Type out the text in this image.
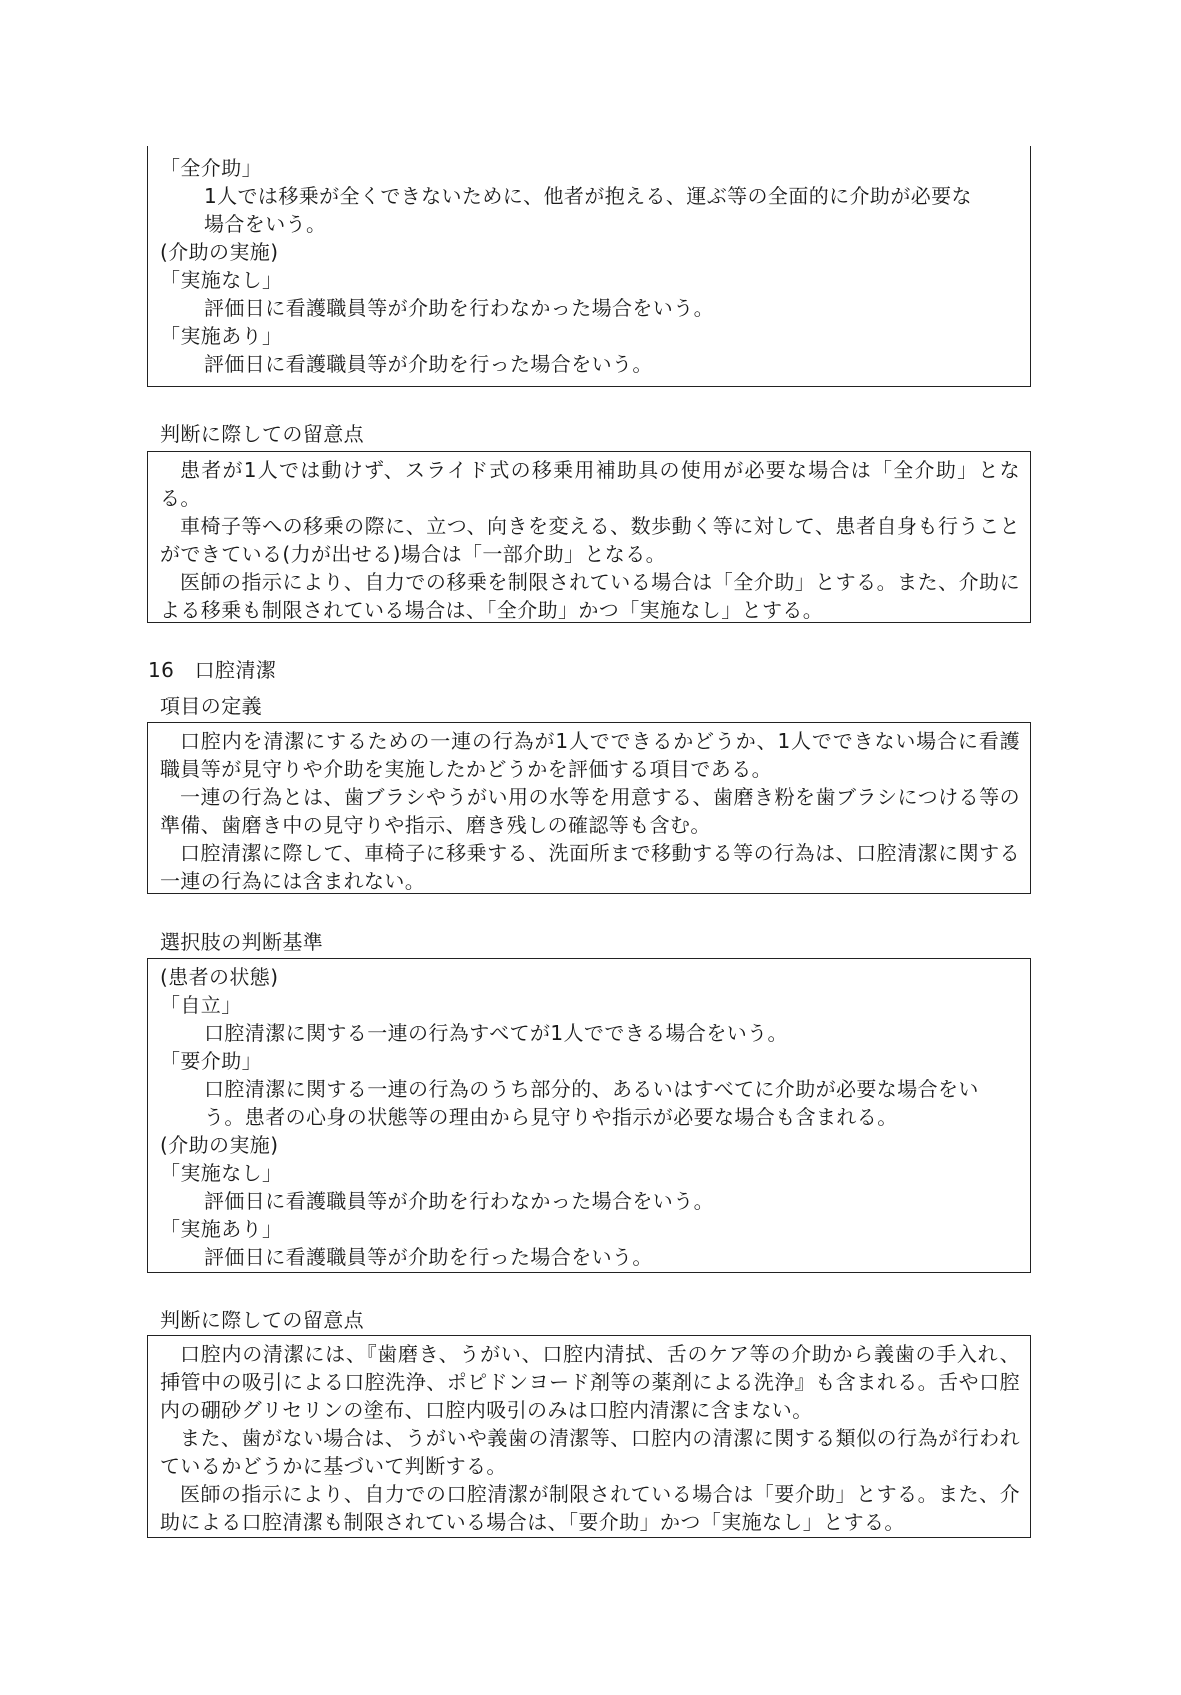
「全介助」
1人では移乗が全くできないために、他者が抱える、運ぶ等の全面的に介助が必要な
場合をいう。
(介助の実施)
「実施なし」
評価日に看護職員等が介助を行わなかった場合をいう。
「実施あり」
評価日に看護職員等が介助を行った場合をいう。
判断に際しての留意点
患者が1人では動けず、スライド式の移乗用補助具の使用が必要な場合は「全介助」となる。
車椅子等への移乗の際に、立つ、向きを変える、数歩動く等に対して、患者自身も行うことができている(力が出せる)場合は「一部介助」となる。
医師の指示により、自力での移乗を制限されている場合は「全介助」とする。また、介助による移乗も制限されている場合は、「全介助」かつ「実施なし」とする。
16　口腔清潔
項目の定義
口腔内を清潔にするための一連の行為が1人でできるかどうか、1人でできない場合に看護職員等が見守りや介助を実施したかどうかを評価する項目である。
一連の行為とは、歯ブラシやうがい用の水等を用意する、歯磨き粉を歯ブラシにつける等の準備、歯磨き中の見守りや指示、磨き残しの確認等も含む。
口腔清潔に際して、車椅子に移乗する、洗面所まで移動する等の行為は、口腔清潔に関する一連の行為には含まれない。
選択肢の判断基準
(患者の状態)
「自立」
口腔清潔に関する一連の行為すべてが1人でできる場合をいう。
「要介助」
口腔清潔に関する一連の行為のうち部分的、あるいはすべてに介助が必要な場合をい
う。患者の心身の状態等の理由から見守りや指示が必要な場合も含まれる。
(介助の実施)
「実施なし」
評価日に看護職員等が介助を行わなかった場合をいう。
「実施あり」
評価日に看護職員等が介助を行った場合をいう。
判断に際しての留意点
口腔内の清潔には、『歯磨き、うがい、口腔内清拭、舌のケア等の介助から義歯の手入れ、挿管中の吸引による口腔洗浄、ポピドンヨード剤等の薬剤による洗浄』も含まれる。舌や口腔内の硼砂グリセリンの塗布、口腔内吸引のみは口腔内清潔に含まない。
また、歯がない場合は、うがいや義歯の清潔等、口腔内の清潔に関する類似の行為が行われているかどうかに基づいて判断する。
医師の指示により、自力での口腔清潔が制限されている場合は「要介助」とする。また、介助による口腔清潔も制限されている場合は、「要介助」かつ「実施なし」とする。
